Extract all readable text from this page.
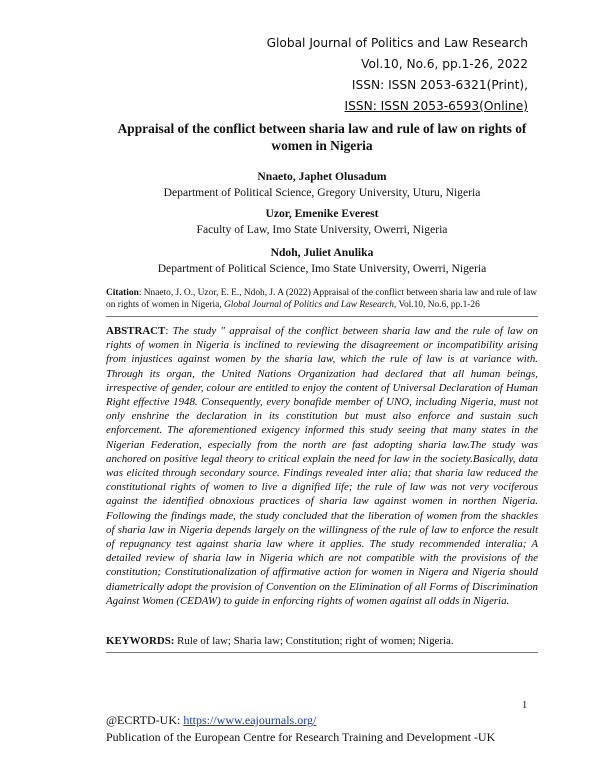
Global Journal of Politics and Law Research
Vol.10, No.6, pp.1-26, 2022
ISSN: ISSN 2053-6321(Print),
ISSN: ISSN 2053-6593(Online)
Appraisal of the conflict between sharia law and rule of law on rights of women in Nigeria
Nnaeto, Japhet Olusadum
Department of Political Science, Gregory University, Uturu, Nigeria
Uzor, Emenike Everest
Faculty of Law, Imo State University, Owerri, Nigeria
Ndoh, Juliet Anulika
Department of Political Science, Imo State University, Owerri, Nigeria
Citation: Nnaeto, J. O., Uzor, E. E., Ndoh, J. A (2022) Appraisal of the conflict between sharia law and rule of law on rights of women in Nigeria, Global Journal of Politics and Law Research, Vol.10, No.6, pp.1-26
ABSTRACT: The study " appraisal of the conflict between sharia law and the rule of law on rights of women in Nigeria is inclined to reviewing the disagreement or incompatibility arising from injustices against women by the sharia law, which the rule of law is at variance with. Through its organ, the United Nations Organization had declared that all human beings, irrespective of gender, colour are entitled to enjoy the content of Universal Declaration of Human Right effective 1948. Consequently, every bonafide member of UNO, including Nigeria, must not only enshrine the declaration in its constitution but must also enforce and sustain such enforcement. The aforementioned exigency informed this study seeing that many states in the Nigerian Federation, especially from the north are fast adopting sharia law.The study was anchored on positive legal theory to critical explain the need for law in the society.Basically, data was elicited through secondary source. Findings revealed inter alia; that sharia law reduced the constitutional rights of women to live a dignified life; the rule of law was not very vociferous against the identified obnoxious practices of sharia law against women in northen Nigeria. Following the findings made, the study concluded that the liberation of women from the shackles of sharia law in Nigeria depends largely on the willingness of the rule of law to enforce the result of repugnancy test against sharia law where it applies. The study recommended interalia; A detailed review of sharia law in Nigeria which are not compatible with the provisions of the constitution; Constitutionalization of affirmative action for women in Nigera and Nigeria should diametrically adopt the provision of Convention on the Elimination of all Forms of Discrimination Against Women (CEDAW) to guide in enforcing rights of women against all odds in Nigeria.
KEYWORDS: Rule of law; Sharia law; Constitution; right of women; Nigeria.
1
@ECRTD-UK: https://www.eajournals.org/
Publication of the European Centre for Research Training and Development -UK
